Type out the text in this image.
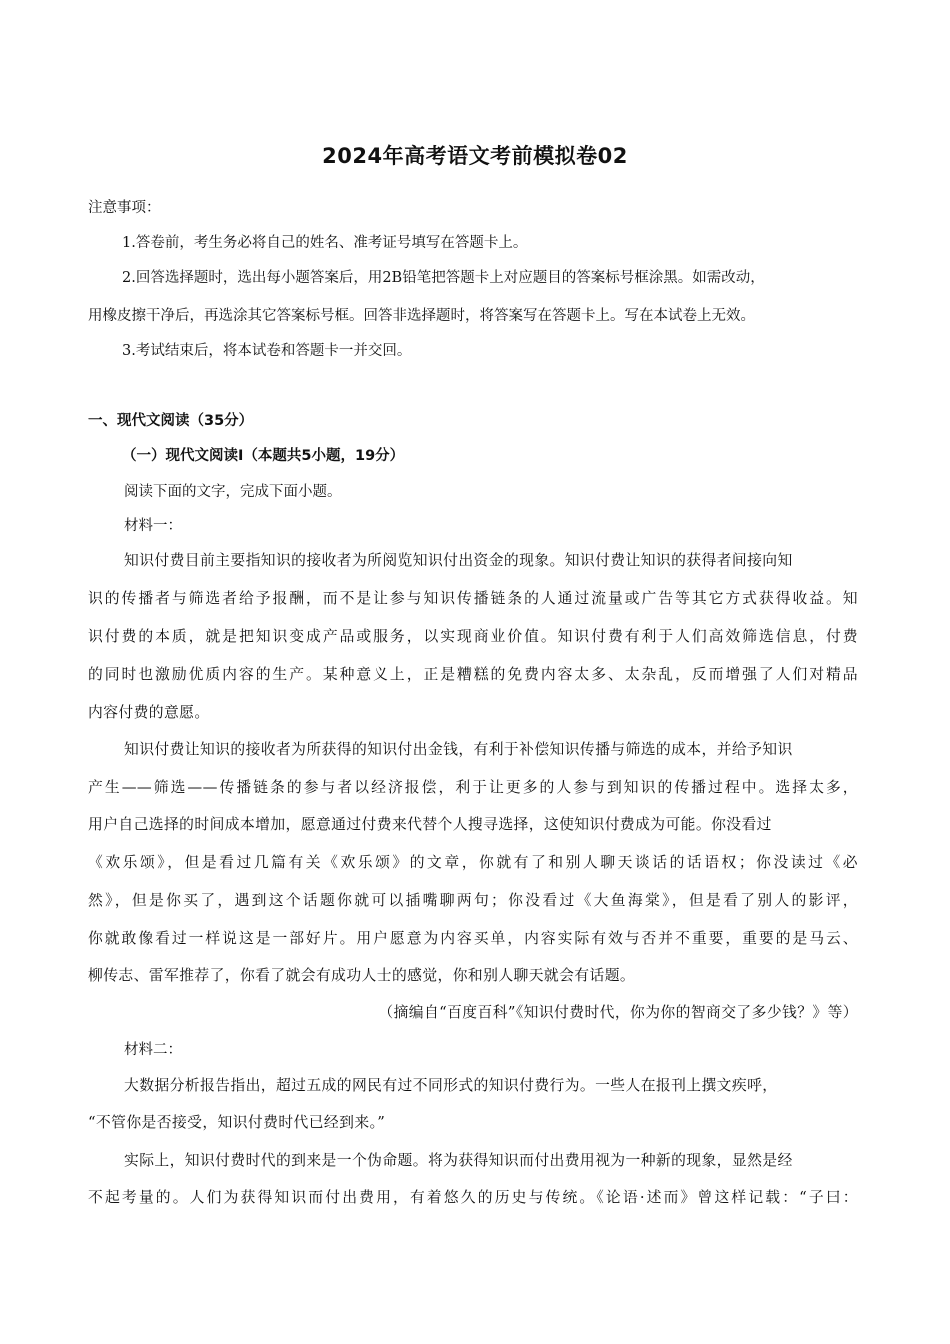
2024年高考语文考前模拟卷02
注意事项：
1.答卷前，考生务必将自己的姓名、准考证号填写在答题卡上。
2.回答选择题时，选出每小题答案后，用2B铅笔把答题卡上对应题目的答案标号框涂黑。如需改动，
用橡皮擦干净后，再选涂其它答案标号框。回答非选择题时，将答案写在答题卡上。写在本试卷上无效。
3.考试结束后，将本试卷和答题卡一并交回。
一、现代文阅读（35分）
（一）现代文阅读Ⅰ（本题共5小题，19分）
阅读下面的文字，完成下面小题。
材料一：
知识付费目前主要指知识的接收者为所阅览知识付出资金的现象。知识付费让知识的获得者间接向知
识的传播者与筛选者给予报酬，而不是让参与知识传播链条的人通过流量或广告等其它方式获得收益。知
识付费的本质，就是把知识变成产品或服务，以实现商业价值。知识付费有利于人们高效筛选信息，付费
的同时也激励优质内容的生产。某种意义上，正是糟糕的免费内容太多、太杂乱，反而增强了人们对精品
内容付费的意愿。
知识付费让知识的接收者为所获得的知识付出金钱，有利于补偿知识传播与筛选的成本，并给予知识
产生——筛选——传播链条的参与者以经济报偿，利于让更多的人参与到知识的传播过程中。选择太多，
用户自己选择的时间成本增加，愿意通过付费来代替个人搜寻选择，这使知识付费成为可能。你没看过
《欢乐颂》，但是看过几篇有关《欢乐颂》的文章，你就有了和别人聊天谈话的话语权；你没读过《必
然》，但是你买了，遇到这个话题你就可以插嘴聊两句；你没看过《大鱼海棠》，但是看了别人的影评，
你就敢像看过一样说这是一部好片。用户愿意为内容买单，内容实际有效与否并不重要，重要的是马云、
柳传志、雷军推荐了，你看了就会有成功人士的感觉，你和别人聊天就会有话题。
（摘编自“百度百科”《知识付费时代，你为你的智商交了多少钱？》等）
材料二：
大数据分析报告指出，超过五成的网民有过不同形式的知识付费行为。一些人在报刊上撰文疾呼，
“不管你是否接受，知识付费时代已经到来。”
实际上，知识付费时代的到来是一个伪命题。将为获得知识而付出费用视为一种新的现象，显然是经
不起考量的。人们为获得知识而付出费用，有着悠久的历史与传统。《论语·述而》曾这样记载：“子曰：
